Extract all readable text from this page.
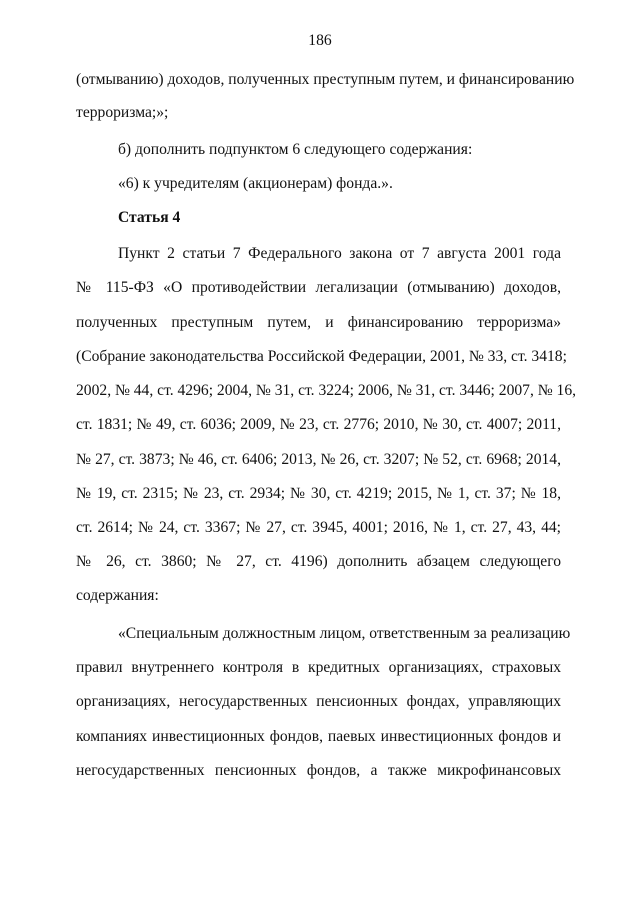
186
(отмыванию) доходов, полученных преступным путем, и финансированию
терроризма;»;
б) дополнить подпунктом 6 следующего содержания:
«6) к учредителям (акционерам) фонда.».
Статья 4
Пункт 2 статьи 7 Федерального закона от 7 августа 2001 года
№ 115-ФЗ «О противодействии легализации (отмыванию) доходов,
полученных преступным путем, и финансированию терроризма»
(Собрание законодательства Российской Федерации, 2001, № 33, ст. 3418;
2002, № 44, ст. 4296; 2004, № 31, ст. 3224; 2006, № 31, ст. 3446; 2007, № 16,
ст. 1831; № 49, ст. 6036; 2009, № 23, ст. 2776; 2010, № 30, ст. 4007; 2011,
№ 27, ст. 3873; № 46, ст. 6406; 2013, № 26, ст. 3207; № 52, ст. 6968; 2014,
№ 19, ст. 2315; № 23, ст. 2934; № 30, ст. 4219; 2015, № 1, ст. 37; № 18,
ст. 2614; № 24, ст. 3367; № 27, ст. 3945, 4001; 2016, № 1, ст. 27, 43, 44;
№ 26, ст. 3860; № 27, ст. 4196) дополнить абзацем следующего
содержания:
«Специальным должностным лицом, ответственным за реализацию
правил внутреннего контроля в кредитных организациях, страховых
организациях, негосударственных пенсионных фондах, управляющих
компаниях инвестиционных фондов, паевых инвестиционных фондов и
негосударственных пенсионных фондов, а также микрофинансовых
